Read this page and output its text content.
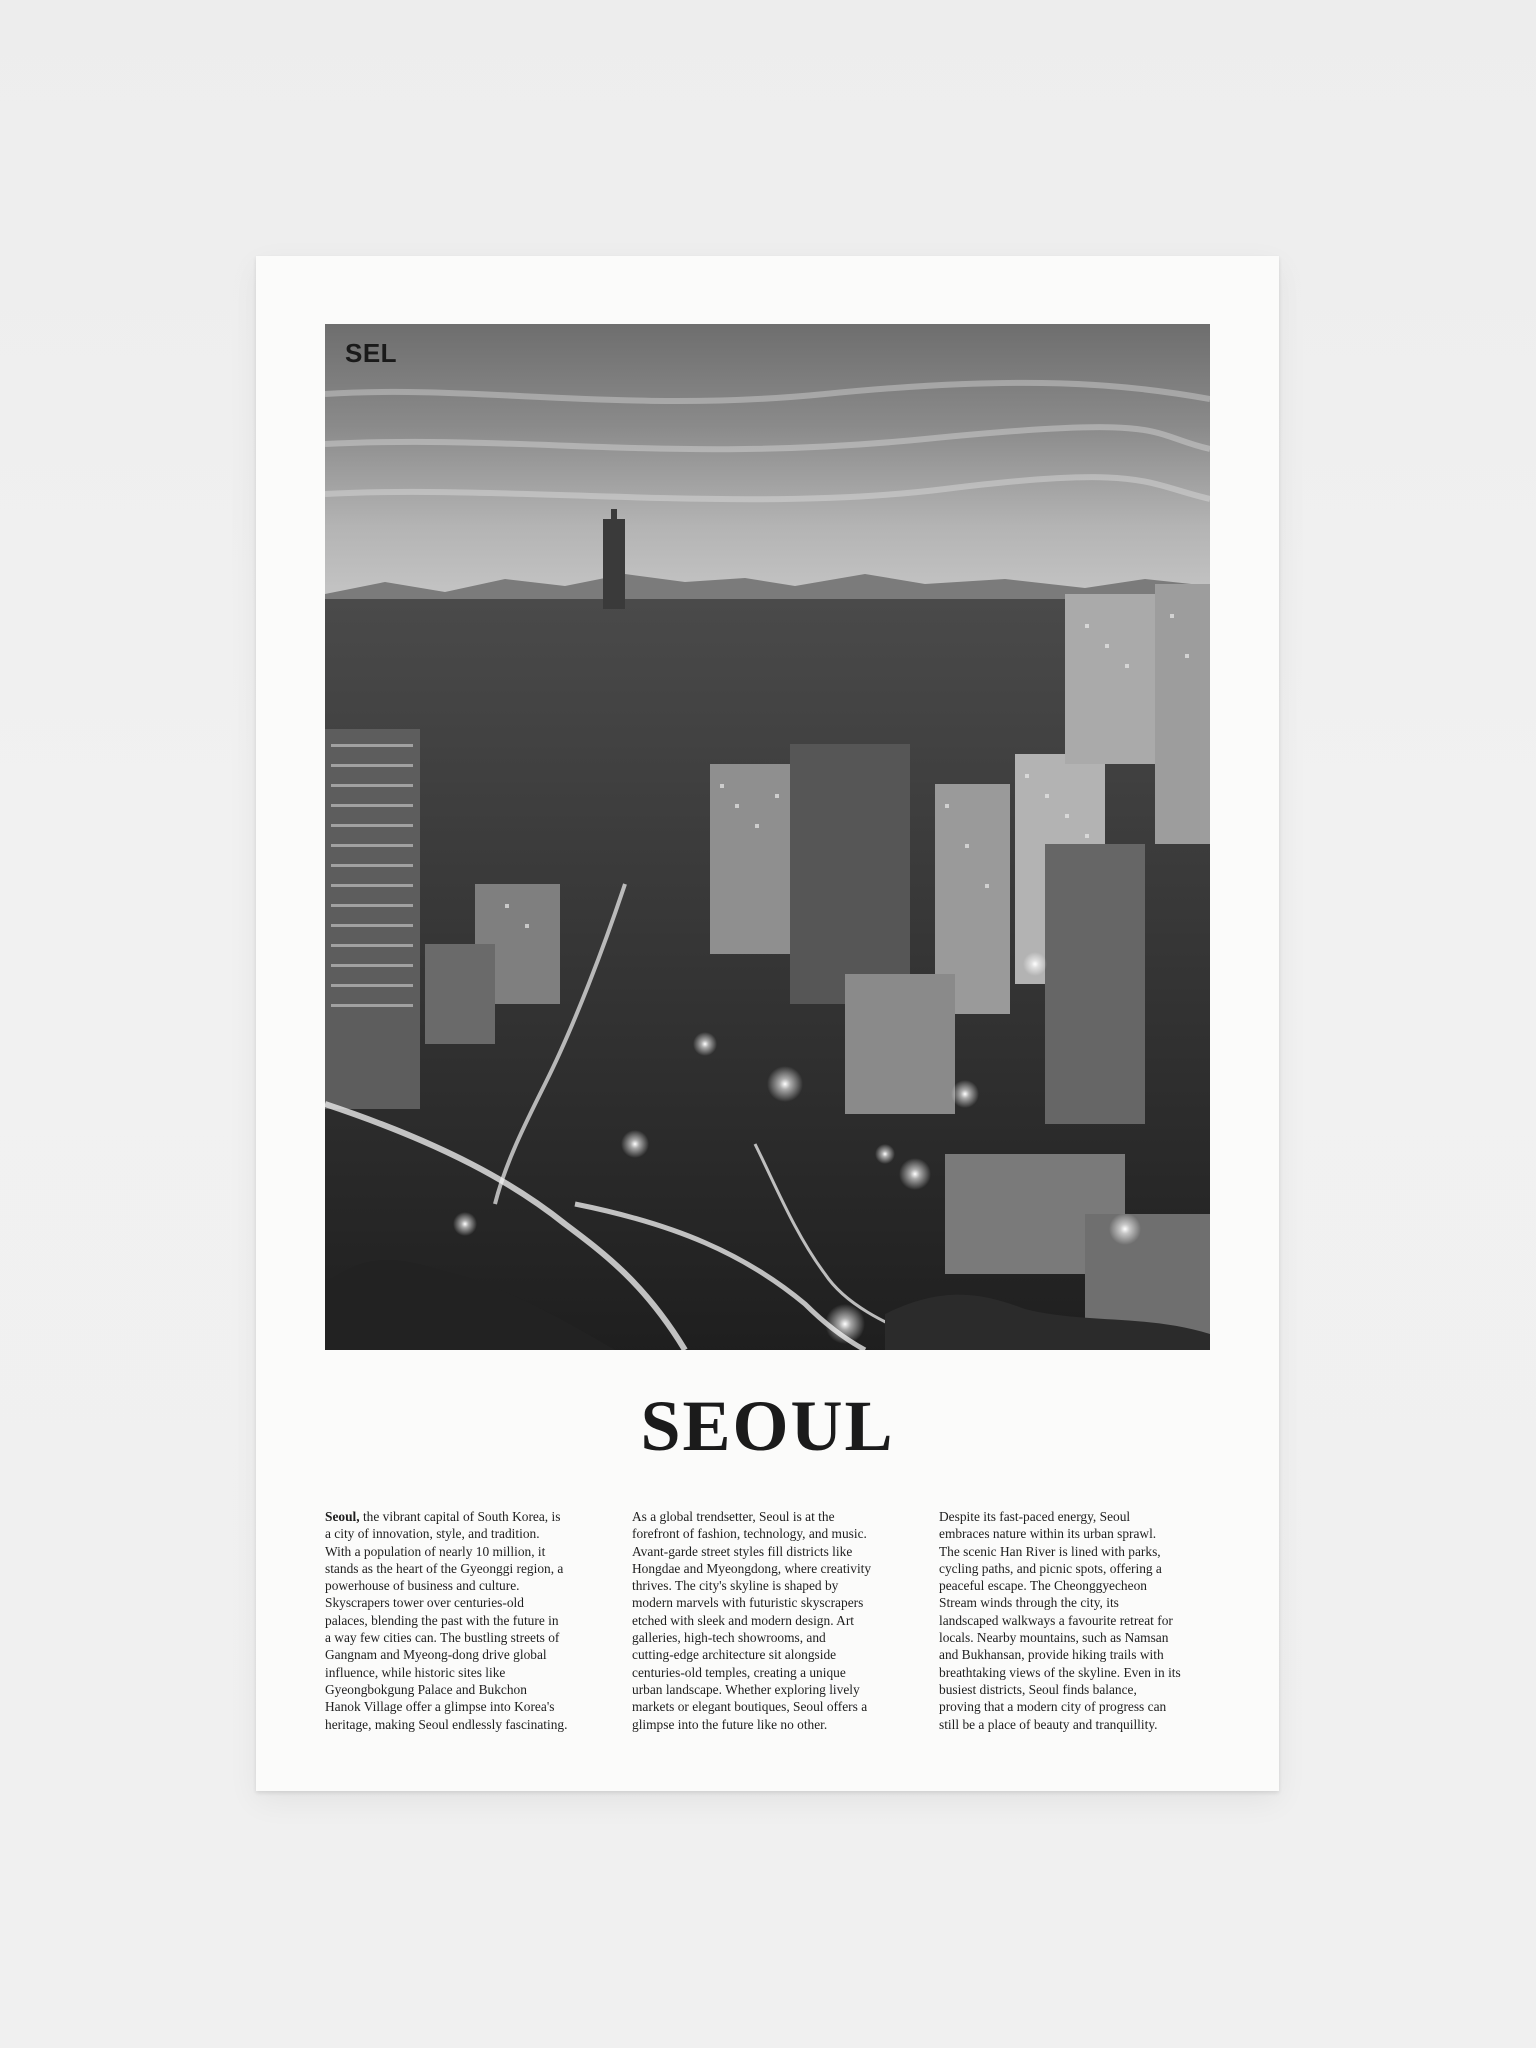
SEL
SEOUL
Seoul, the vibrant capital of South Korea, is
a city of innovation, style, and tradition.
With a population of nearly 10 million, it
stands as the heart of the Gyeonggi region, a
powerhouse of business and culture.
Skyscrapers tower over centuries-old
palaces, blending the past with the future in
a way few cities can. The bustling streets of
Gangnam and Myeong-dong drive global
influence, while historic sites like
Gyeongbokgung Palace and Bukchon
Hanok Village offer a glimpse into Korea's
heritage, making Seoul endlessly fascinating.
As a global trendsetter, Seoul is at the
forefront of fashion, technology, and music.
Avant-garde street styles fill districts like
Hongdae and Myeongdong, where creativity
thrives. The city's skyline is shaped by
modern marvels with futuristic skyscrapers
etched with sleek and modern design. Art
galleries, high-tech showrooms, and
cutting-edge architecture sit alongside
centuries-old temples, creating a unique
urban landscape. Whether exploring lively
markets or elegant boutiques, Seoul offers a
glimpse into the future like no other.
Despite its fast-paced energy, Seoul
embraces nature within its urban sprawl.
The scenic Han River is lined with parks,
cycling paths, and picnic spots, offering a
peaceful escape. The Cheonggyecheon
Stream winds through the city, its
landscaped walkways a favourite retreat for
locals. Nearby mountains, such as Namsan
and Bukhansan, provide hiking trails with
breathtaking views of the skyline. Even in its
busiest districts, Seoul finds balance,
proving that a modern city of progress can
still be a place of beauty and tranquillity.
